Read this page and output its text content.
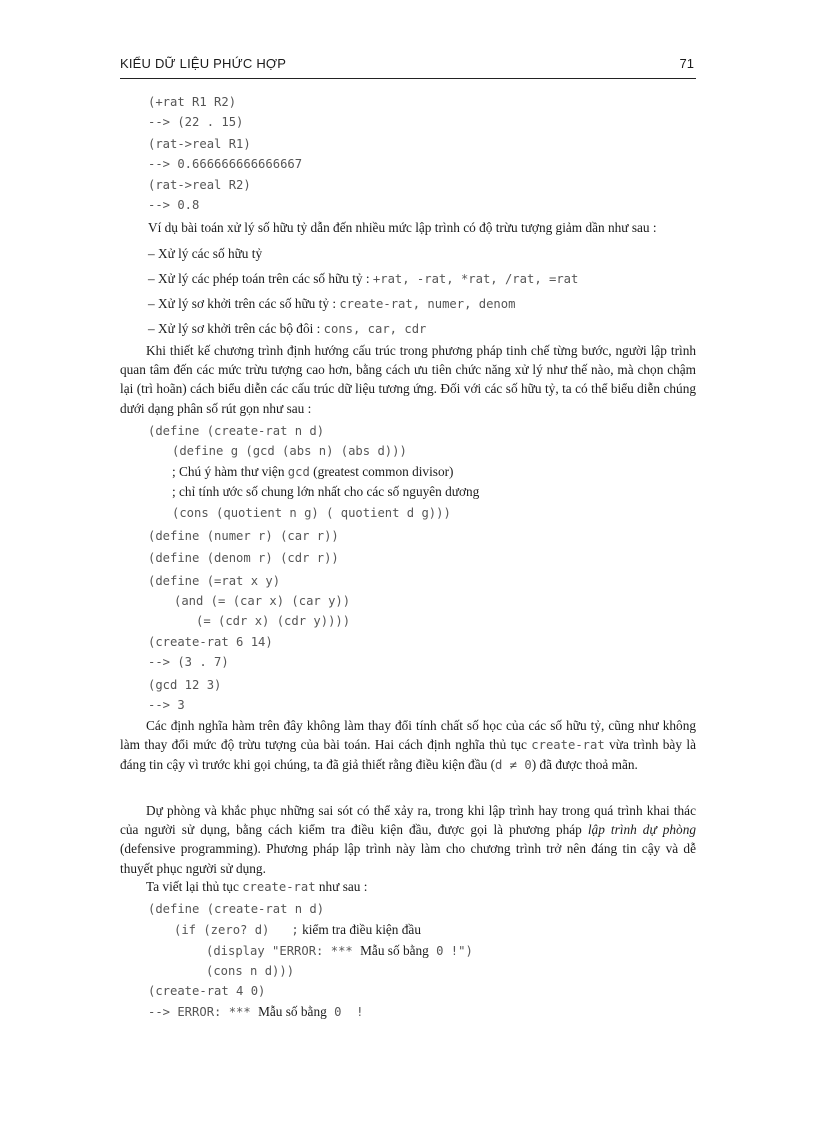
KIỂU DỮ LIỆU PHỨC HỢP	71
(+rat R1 R2)
--> (22 . 15)
(rat->real R1)
--> 0.666666666666667
(rat->real R2)
--> 0.8
Ví dụ bài toán xử lý số hữu tỷ dẫn đến nhiều mức lập trình có độ trừu tượng giảm dần như sau :
– Xử lý các số hữu tỷ
– Xử lý các phép toán trên các số hữu tỷ : +rat, -rat, *rat, /rat, =rat
– Xử lý sơ khởi trên các số hữu tỷ : create-rat, numer, denom
– Xử lý sơ khởi trên các bộ đôi : cons, car, cdr
Khi thiết kế chương trình định hướng cấu trúc trong phương pháp tinh chế từng bước, người lập trình quan tâm đến các mức trừu tượng cao hơn, bằng cách ưu tiên chức năng xử lý như thế nào, mà chọn chậm lại (trì hoãn) cách biểu diễn các cấu trúc dữ liệu tương ứng. Đối với các số hữu tỷ, ta có thể biểu diễn chúng dưới dạng phân số rút gọn như sau :
(define (create-rat n d)
(define g (gcd (abs n) (abs d)))
; Chú ý hàm thư viện gcd (greatest common divisor)
; chỉ tính ước số chung lớn nhất cho các số nguyên dương
(cons (quotient n g) ( quotient d g)))
(define (numer r) (car r))
(define (denom r) (cdr r))
(define (=rat x y)
(and (= (car x) (car y))
(= (cdr x) (cdr y))))
(create-rat 6 14)
--> (3 . 7)
(gcd 12 3)
--> 3
Các định nghĩa hàm trên đây không làm thay đổi tính chất số học của các số hữu tỷ, cũng như không làm thay đổi mức độ trừu tượng của bài toán. Hai cách định nghĩa thủ tục create-rat vừa trình bày là đáng tin cậy vì trước khi gọi chúng, ta đã giả thiết rằng điều kiện đầu (d ≠ 0) đã được thoả mãn.
Dự phòng và khắc phục những sai sót có thể xảy ra, trong khi lập trình hay trong quá trình khai thác của người sử dụng, bằng cách kiểm tra điều kiện đầu, được gọi là phương pháp lập trình dự phòng (defensive programming). Phương pháp lập trình này làm cho chương trình trở nên đáng tin cậy và dễ thuyết phục người sử dụng.
Ta viết lại thủ tục create-rat như sau :
(define (create-rat n d)
(if (zero? d)   ; kiểm tra điều kiện đầu
(display "ERROR: *** Mẫu số bằng 0 !")
(cons n d)))
(create-rat 4 0)
--> ERROR: *** Mẫu số bằng 0  !
